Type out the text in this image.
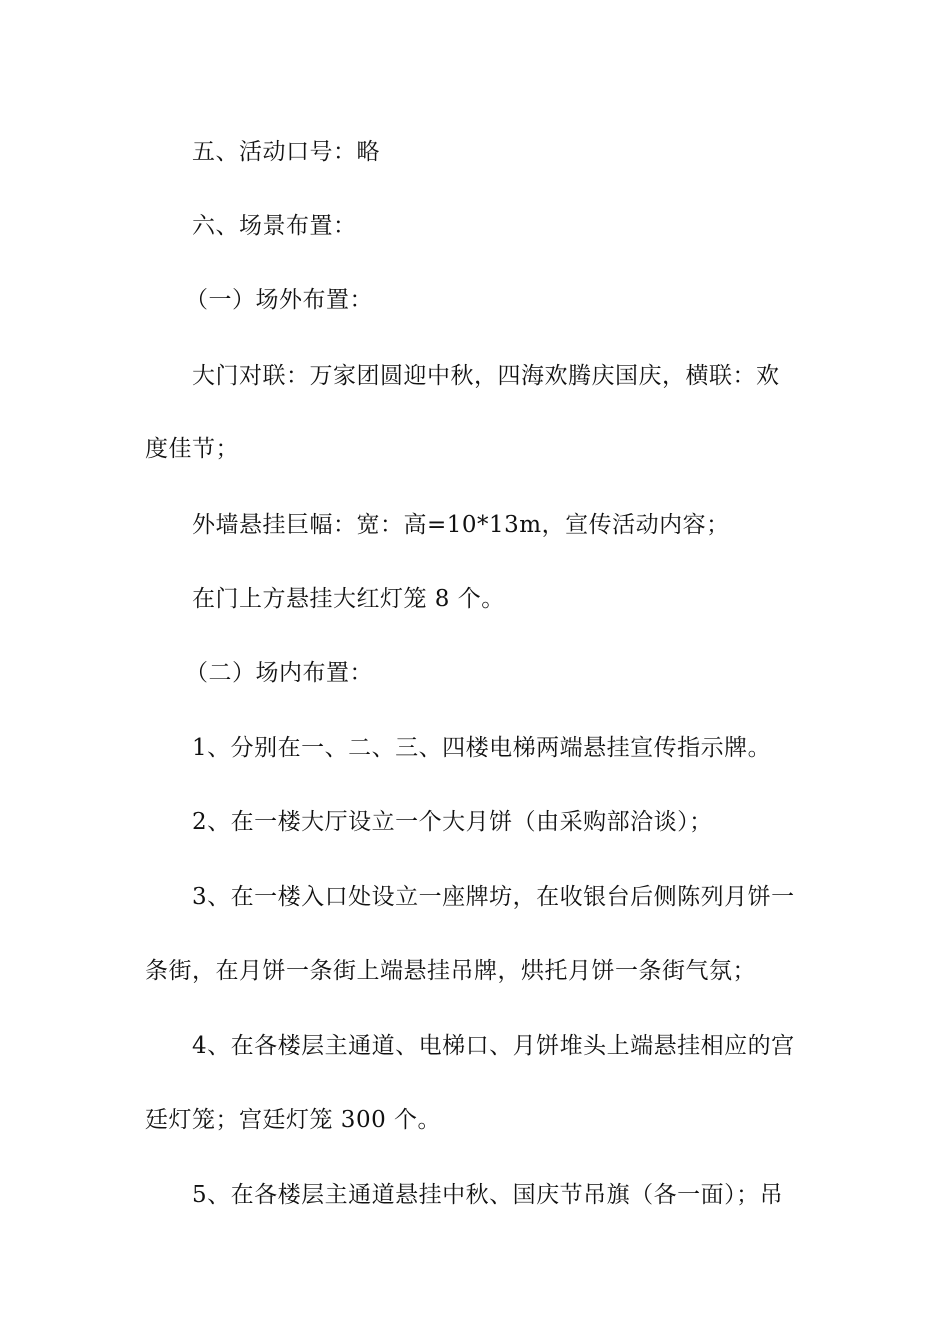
五、活动口号：略
六、场景布置：
（一）场外布置：
大门对联：万家团圆迎中秋，四海欢腾庆国庆，横联：欢
度佳节；
外墙悬挂巨幅：宽：高=10*13m，宣传活动内容；
在门上方悬挂大红灯笼 8 个。
（二）场内布置：
1、分别在一、二、三、四楼电梯两端悬挂宣传指示牌。
2、在一楼大厅设立一个大月饼（由采购部洽谈）；
3、在一楼入口处设立一座牌坊，在收银台后侧陈列月饼一
条街，在月饼一条街上端悬挂吊牌，烘托月饼一条街气氛；
4、在各楼层主通道、电梯口、月饼堆头上端悬挂相应的宫
廷灯笼；宫廷灯笼 300 个。
5、在各楼层主通道悬挂中秋、国庆节吊旗（各一面）；吊
